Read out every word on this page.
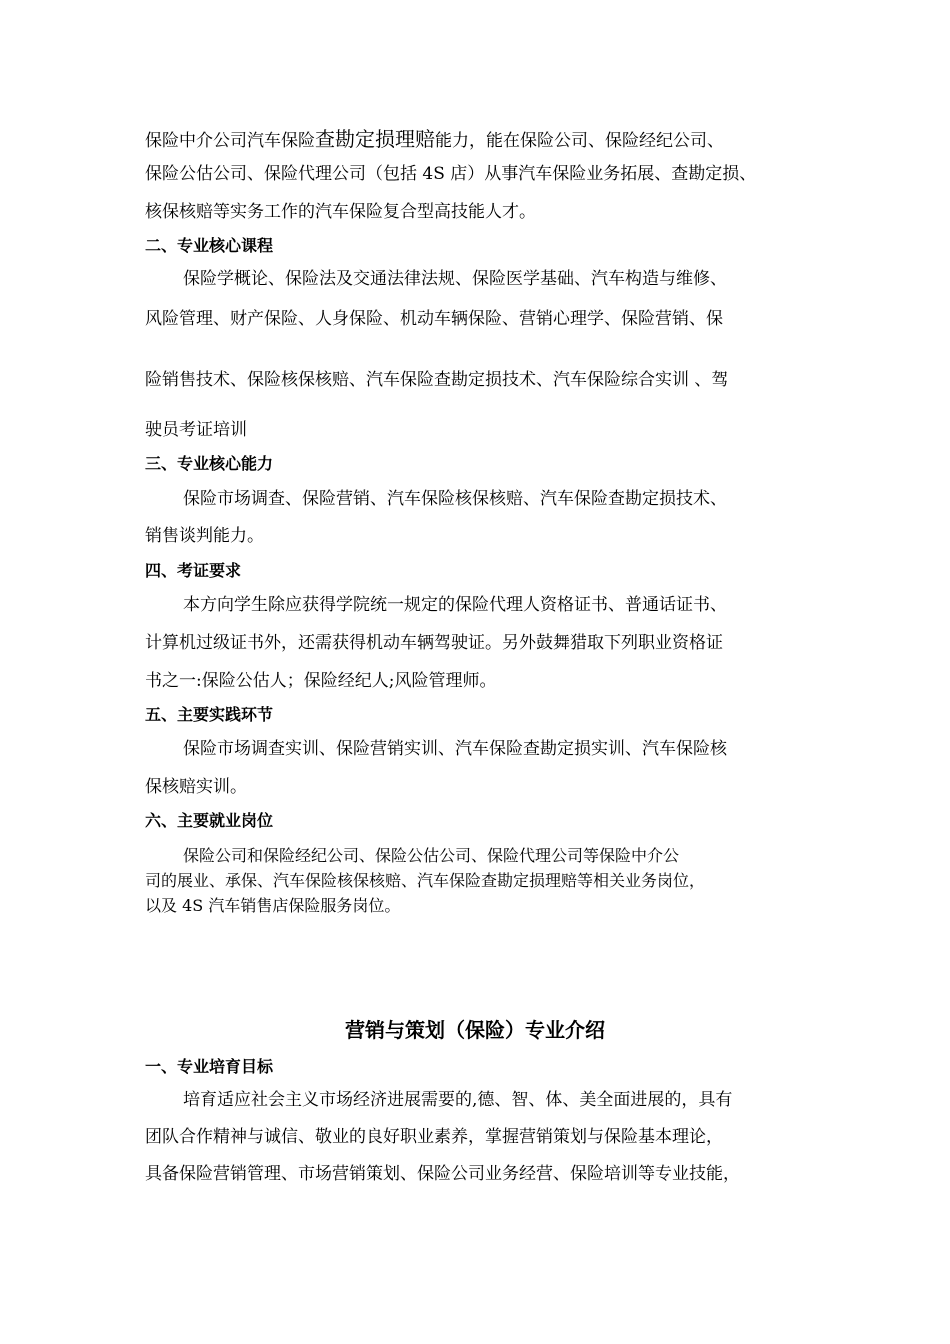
保险中介公司汽车保险查勘定损理赔能力，能在保险公司、保险经纪公司、
保险公估公司、保险代理公司（包括 4S 店）从事汽车保险业务拓展、查勘定损、
核保核赔等实务工作的汽车保险复合型高技能人才。
二、专业核心课程
保险学概论、保险法及交通法律法规、保险医学基础、汽车构造与维修、
风险管理、财产保险、人身保险、机动车辆保险、营销心理学、保险营销、保
险销售技术、保险核保核赔、汽车保险查勘定损技术、汽车保险综合实训 、驾
驶员考证培训
三、专业核心能力
保险市场调查、保险营销、汽车保险核保核赔、汽车保险查勘定损技术、
销售谈判能力。
四、考证要求
本方向学生除应获得学院统一规定的保险代理人资格证书、普通话证书、
计算机过级证书外，还需获得机动车辆驾驶证。另外鼓舞猎取下列职业资格证
书之一:保险公估人；保险经纪人;风险管理师。
五、主要实践环节
保险市场调查实训、保险营销实训、汽车保险查勘定损实训、汽车保险核
保核赔实训。
六、主要就业岗位
保险公司和保险经纪公司、保险公估公司、保险代理公司等保险中介公
司的展业、承保、汽车保险核保核赔、汽车保险查勘定损理赔等相关业务岗位，
以及 4S 汽车销售店保险服务岗位。
营销与策划（保险）专业介绍
一、专业培育目标
培育适应社会主义市场经济进展需要的,德、智、体、美全面进展的，具有
团队合作精神与诚信、敬业的良好职业素养，掌握营销策划与保险基本理论，
具备保险营销管理、市场营销策划、保险公司业务经营、保险培训等专业技能，
